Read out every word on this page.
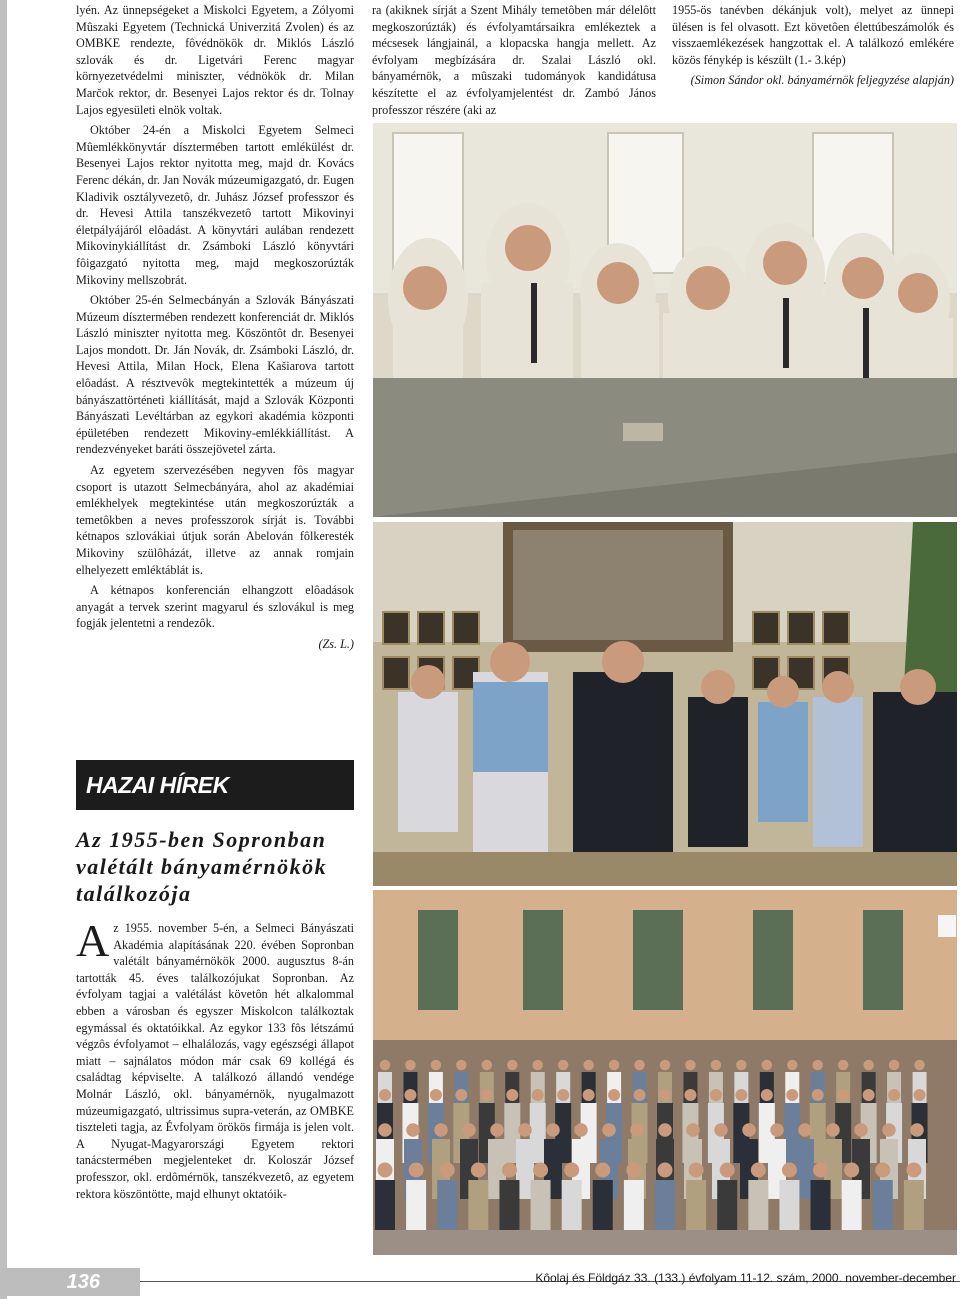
lyén. Az ünnepségeket a Miskolci Egyetem, a Zólyomi Mûszaki Egyetem (Technická Univerzitá Zvolen) és az OMBKE rendezte, fôvédnökök dr. Miklós László szlovák és dr. Ligetvári Ferenc magyar környezetvédelmi miniszter, védnökök dr. Milan Marčok rektor, dr. Besenyei Lajos rektor és dr. Tolnay Lajos egyesületi elnök voltak.

Október 24-én a Miskolci Egyetem Selmeci Mûemlékkönyvtár dísztermében tartott emlékülést dr. Besenyei Lajos rektor nyitotta meg, majd dr. Kovács Ferenc dékán, dr. Jan Novák múzeumigazgató, dr. Eugen Kladivik osztályvezetô, dr. Juhász József professzor és dr. Hevesi Attila tanszékvezetô tartott Mikovinyi életpályájáról elôadást. A könyvtári aulában rendezett Mikovinykiállítást dr. Zsámboki László könyvtári fôigazgató nyitotta meg, majd megkoszorúzták Mikoviny mellszobrát.

Október 25-én Selmecbányán a Szlovák Bányászati Múzeum dísztermében rendezett konferenciát dr. Miklós László miniszter nyitotta meg. Köszöntôt dr. Besenyei Lajos mondott. Dr. Ján Novák, dr. Zsámboki László, dr. Hevesi Attila, Milan Hock, Elena Kašiarova tartott elôadást. A résztvevôk megtekintették a múzeum új bányászattörténeti kiállítását, majd a Szlovák Központi Bányászati Levéltárban az egykori akadémia központi épületében rendezett Mikoviny-emlékkiállítást. A rendezvényeket baráti összejövetel zárta.

Az egyetem szervezésében negyven fôs magyar csoport is utazott Selmecbányára, ahol az akadémiai emlékhelyek megtekintése után megkoszorúzták a temetôkben a neves professzorok sírját is. További kétnapos szlovákiai útjuk során Abelován fôlkeresték Mikoviny szülôházát, illetve az annak romjain elhelyezett emléktáblát is.

A kétnapos konferencián elhangzott elôadások anyagát a tervek szerint magyarul és szlovákul is meg fogják jelentetni a rendezôk.

(Zs. L.)

HAZAI HÍREK
Az 1955-ben Sopronban valétált bányamérnökök találkozója

Az 1955. november 5-én, a Selmeci Bányászati Akadémia alapításának 220. évében Sopronban valétált bányamérnökök 2000. augusztus 8-án tartották 45. éves találkozójukat Sopronban. Az évfolyam tagjai a valétálást követôn hét alkalommal ebben a városban és egyszer Miskolcon találkoztak egymással és oktatóikkal. Az egykor 133 fôs létszámú végzôs évfolyamot – elhalálozás, vagy egészségi állapot miatt – sajnálatos módon már csak 69 kollégá és családtag képviselte. A találkozó állandó vendége Molnár László, okl. bányamérnök, nyugalmazott múzeumigazgató, ultrissimus supra-veterán, az OMBKE tiszteleti tagja, az Évfolyam örökös firmája is jelen volt. A Nyugat-Magyarországi Egyetem rektori tanácstermében megjelenteket dr. Koloszár József professzor, okl. erdômérnök, tanszékvezetô, az egyetem rektora köszöntötte, majd elhunyt oktatóik-

ra (akiknek sírját a Szent Mihály temetôben már délelôtt megkoszorúzták) és évfolyamtársaikra emlékeztek a mécsesek lángjainál, a klopacska hangja mellett. Az évfolyam megbízására dr. Szalai László okl. bányamérnök, a mûszaki tudományok kandidátusa készítette el az évfolyamjelentést dr. Zambó János professzor részére (aki az

1955-ös tanévben dékánjuk volt), melyet az ünnepi ülésen is fel olvasott. Ezt követôen élettúbeszámolók és visszaemlékezések hangzottak el. A találkozó emlékére közös fénykép is készült (1.- 3.kép)

(Simon Sándor okl. bányamérnök feljegyzése alapján)

136	Kôolaj és Földgáz 33. (133.) évfolyam 11-12. szám, 2000. november-december
